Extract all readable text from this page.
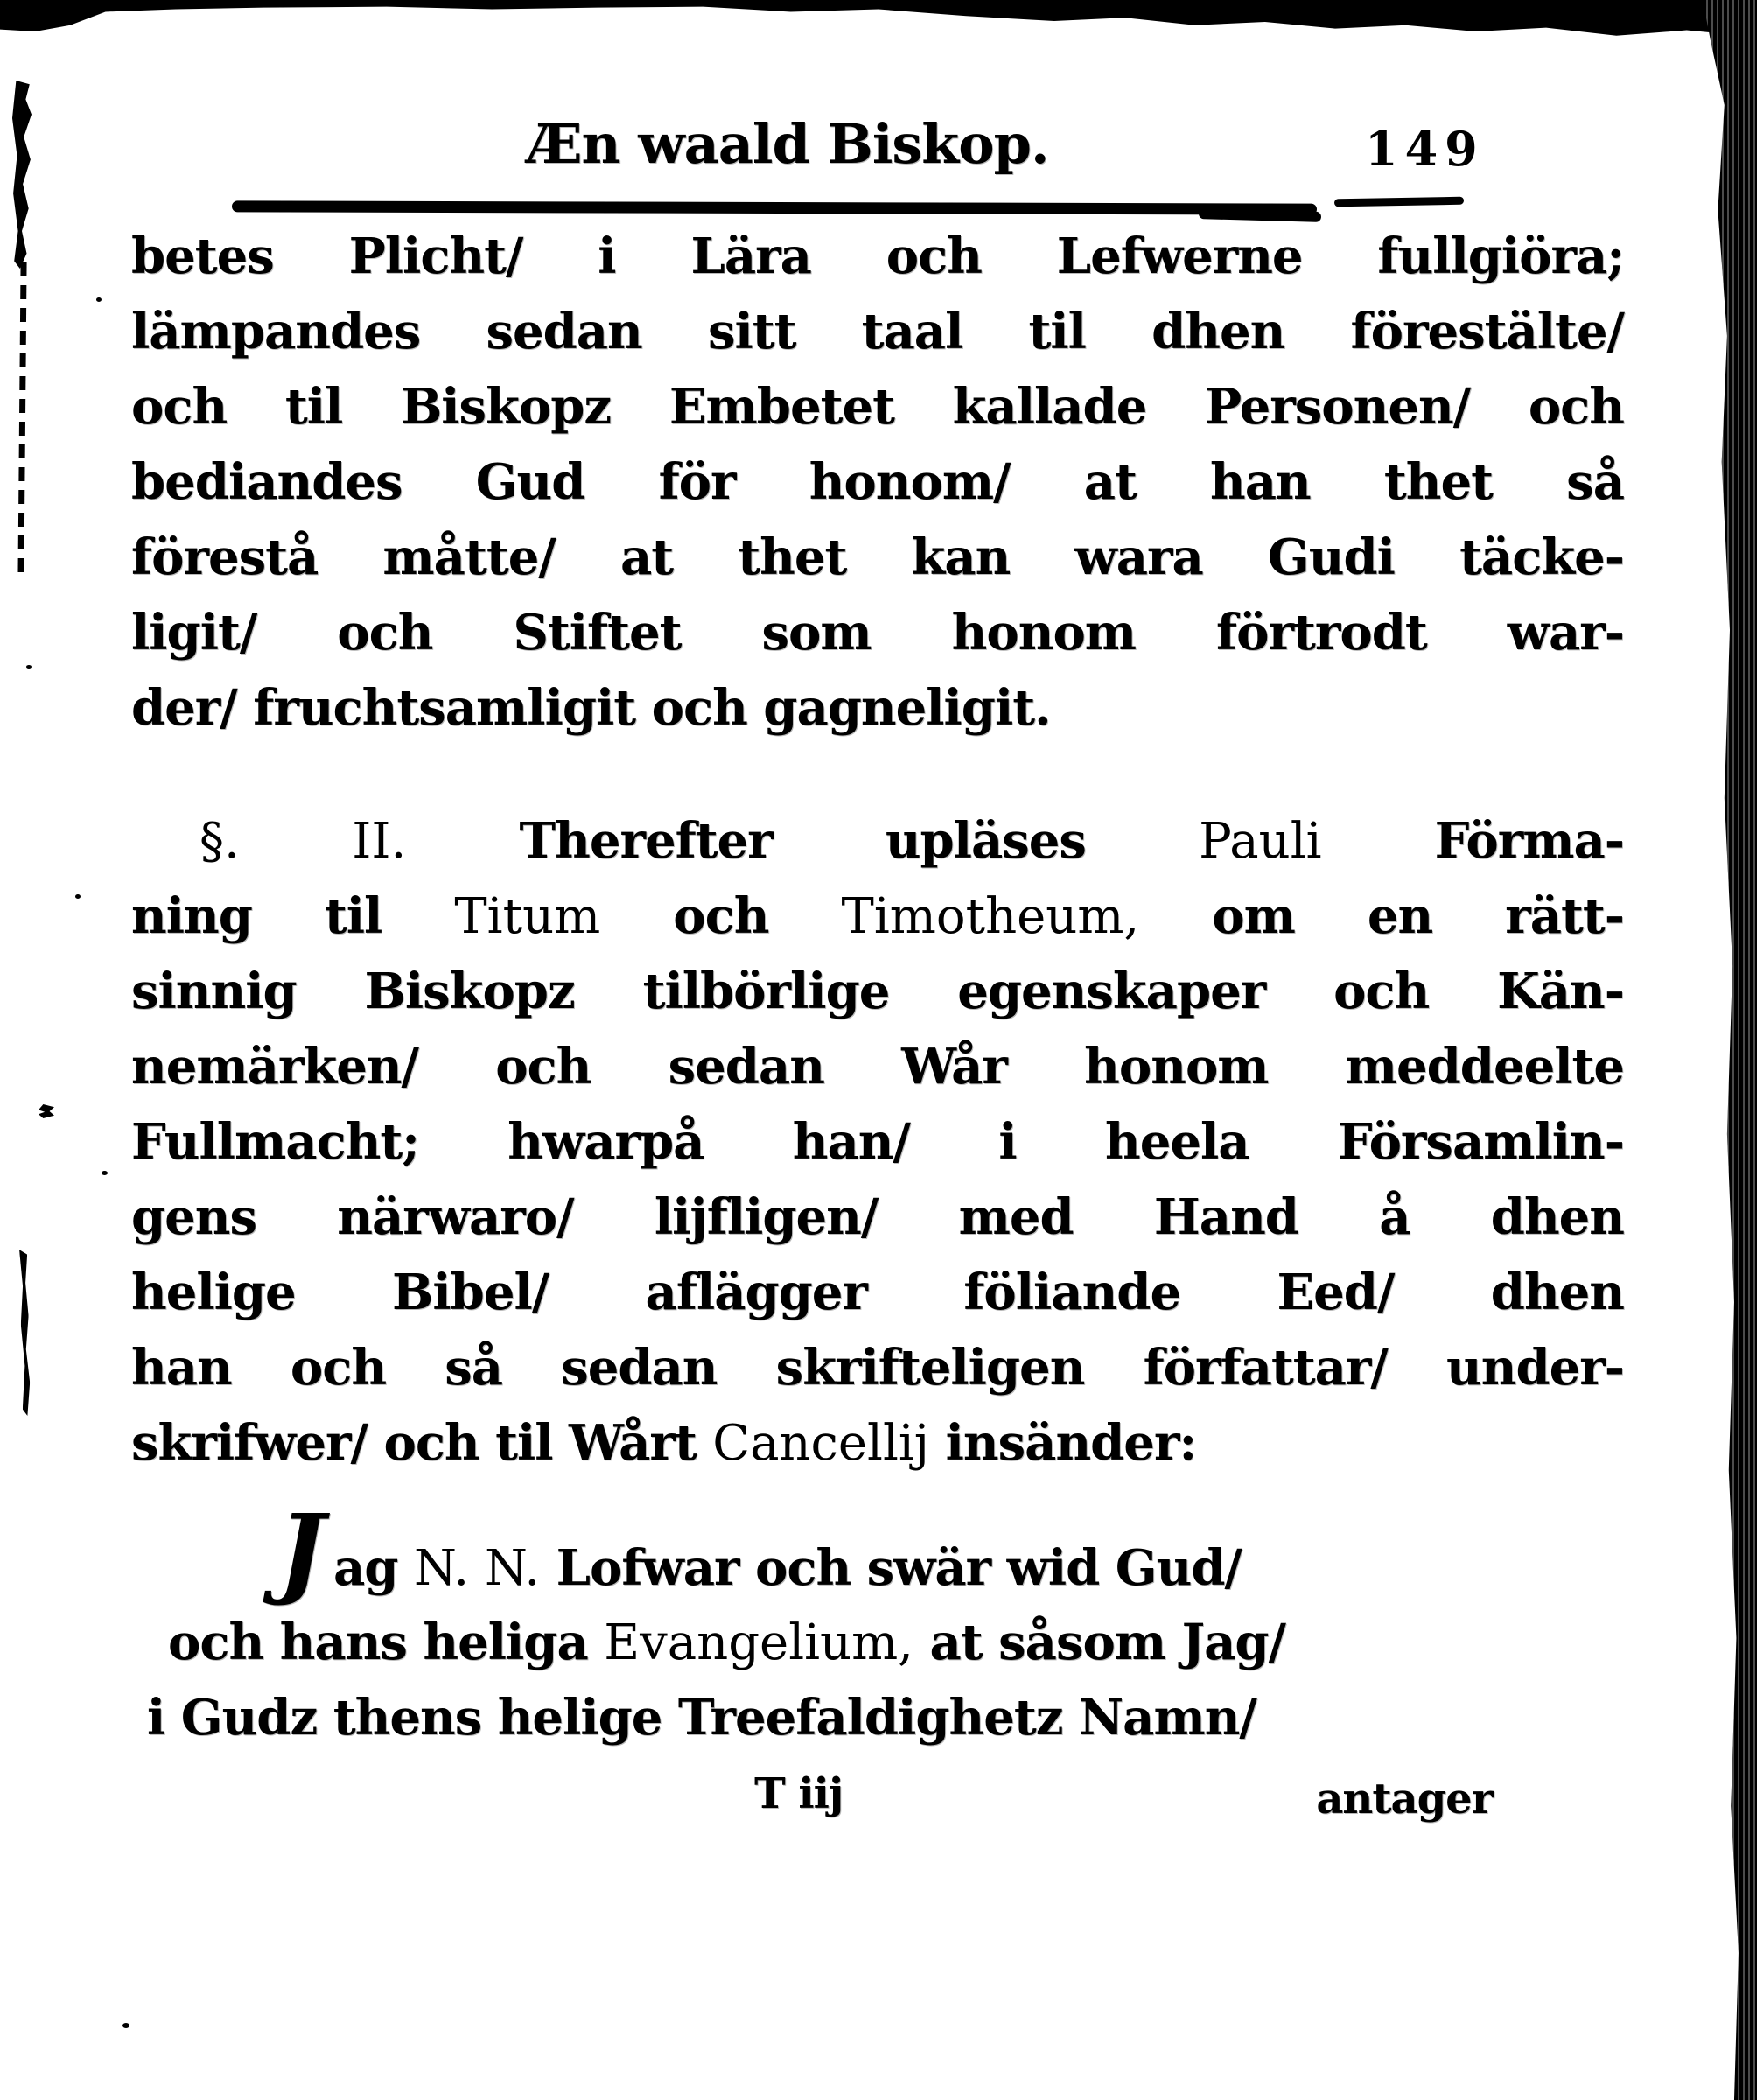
Æn waald Biskop.	149
betes Plicht/ i Lära och Lefwerne fullgiöra;
lämpandes sedan sitt taal til dhen förestälte/
och til Biskopz Embetet kallade Personen/ och
bediandes Gud för honom/ at han thet så
förestå måtte/ at thet kan wara Gudi täcke-
ligit/ och Stiftet som honom förtrodt war-
der/ fruchtsamligit och gagneligit.
§. II. Therefter upläses Pauli Förma-
ning til Titum och Timotheum, om en rätt-
sinnig Biskopz tilbörlige egenskaper och Kän-
nemärken/ och sedan Wår honom meddeelte
Fullmacht; hwarpå han/ i heela Församlin-
gens närwaro/ lijfligen/ med Hand å dhen
helige Bibel/ aflägger föliande Eed/ dhen
han och så sedan skrifteligen författar/ under-
skrifwer/ och til Wårt Cancellij insänder:
Jag N. N. Lofwar och swär wid Gud/
och hans heliga Evangelium, at såsom Jag/
i Gudz thens helige Treefaldighetz Namn/
T iij	antager
